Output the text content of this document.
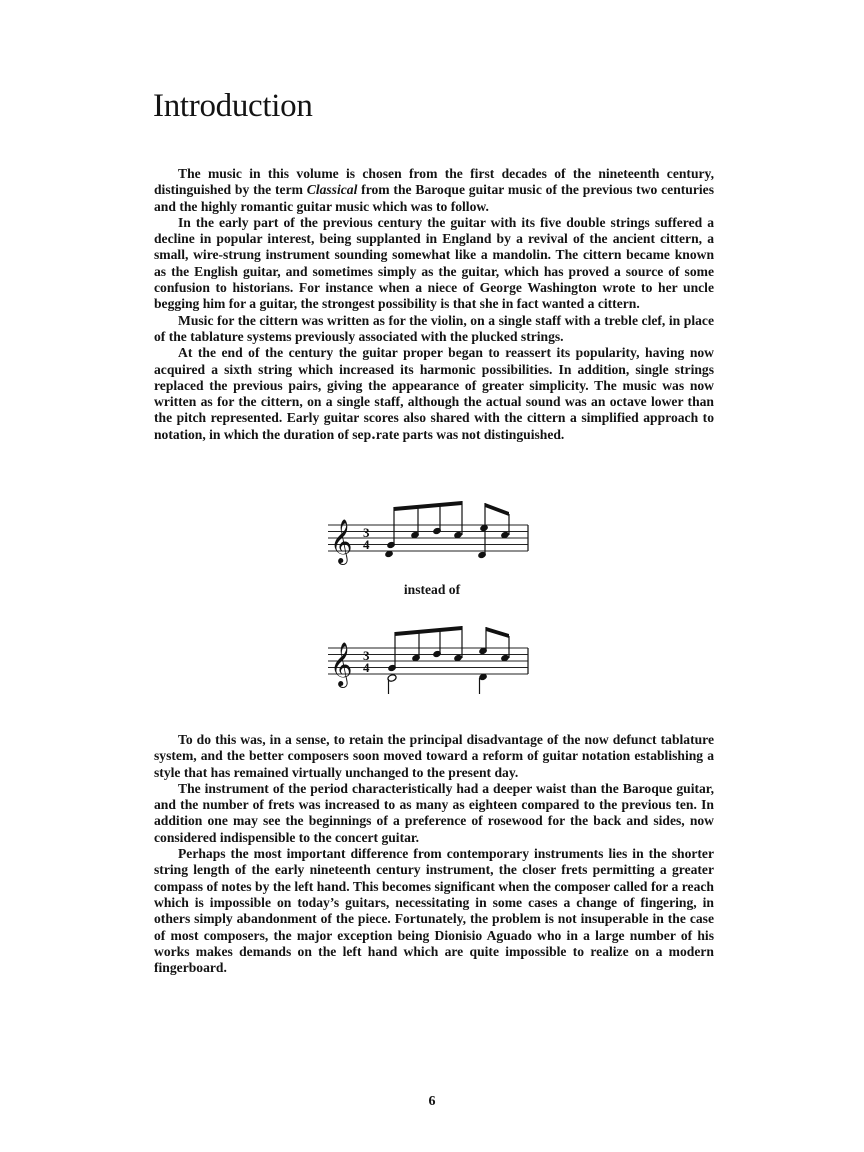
Introduction

The music in this volume is chosen from the first decades of the nineteenth century, distinguished by the term Classical from the Baroque guitar music of the previous two centuries and the highly romantic guitar music which was to follow.

In the early part of the previous century the guitar with its five double strings suffered a decline in popular interest, being supplanted in England by a revival of the ancient cittern, a small, wire-strung instrument sounding somewhat like a mandolin. The cittern became known as the English guitar, and sometimes simply as the guitar, which has proved a source of some confusion to historians. For instance when a niece of George Washington wrote to her uncle begging him for a guitar, the strongest possibility is that she in fact wanted a cittern.

Music for the cittern was written as for the violin, on a single staff with a treble clef, in place of the tablature systems previously associated with the plucked strings.

At the end of the century the guitar proper began to reassert its popularity, having now acquired a sixth string which increased its harmonic possibilities. In addition, single strings replaced the previous pairs, giving the appearance of greater simplicity. The music was now written as for the cittern, on a single staff, although the actual sound was an octave lower than the pitch represented. Early guitar scores also shared with the cittern a simplified approach to notation, in which the duration of sep․rate parts was not distinguished.

𝄞 3
4
instead of
𝄞 3
4

To do this was, in a sense, to retain the principal disadvantage of the now defunct tablature system, and the better composers soon moved toward a reform of guitar notation establishing a style that has remained virtually unchanged to the present day.

The instrument of the period characteristically had a deeper waist than the Baroque guitar, and the number of frets was increased to as many as eighteen compared to the previous ten. In addition one may see the beginnings of a preference of rosewood for the back and sides, now considered indispensible to the concert guitar.

Perhaps the most important difference from contemporary instruments lies in the shorter string length of the early nineteenth century instrument, the closer frets permitting a greater compass of notes by the left hand. This becomes significant when the composer called for a reach which is impossible on today’s guitars, necessitating in some cases a change of fingering, in others simply abandonment of the piece. Fortunately, the problem is not insuperable in the case of most composers, the major exception being Dionisio Aguado who in a large number of his works makes demands on the left hand which are quite impossible to realize on a modern fingerboard.

6
